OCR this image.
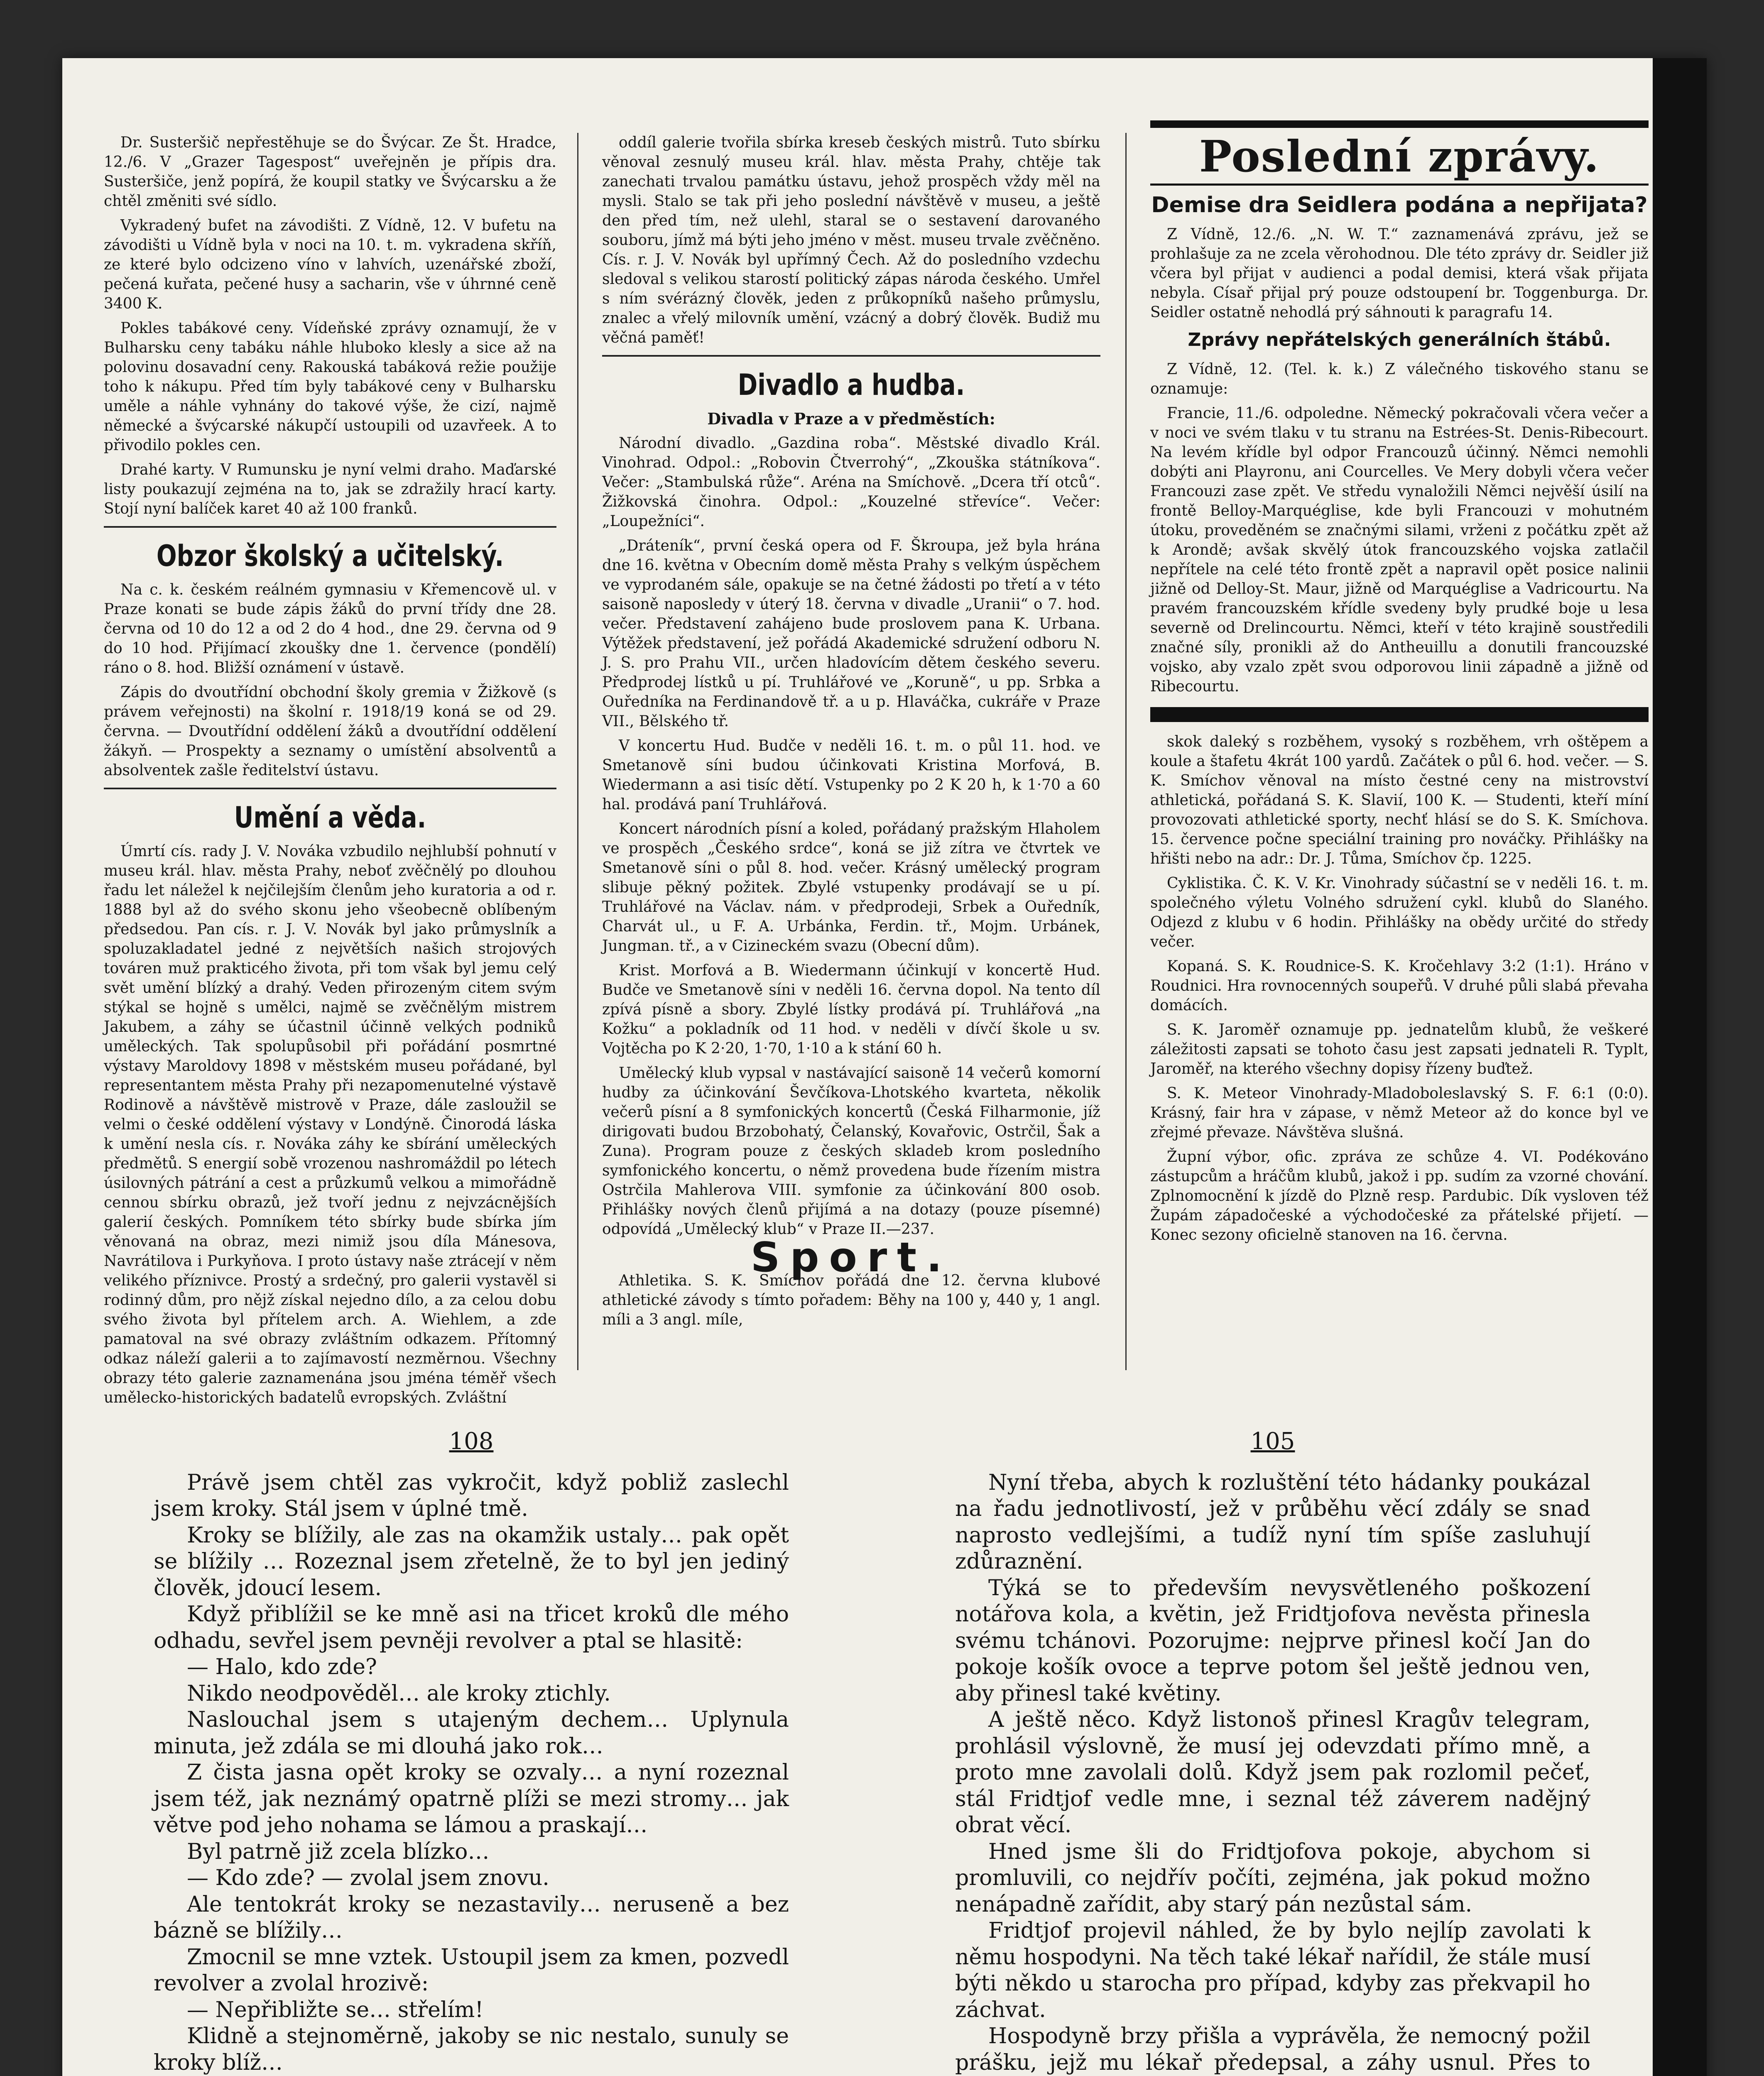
Dr. Susteršič nepřestěhuje se do Švýcar. Ze Št. Hradce, 12./6. V „Grazer Tagespost“ uveřejněn je přípis dra. Susteršiče, jenž popírá, že koupil statky ve Švýcarsku a že chtěl změniti své sídlo.

Vykradený bufet na závodišti. Z Vídně, 12. V bufetu na závodišti u Vídně byla v noci na 10. t. m. vykradena skříň, ze které bylo odcizeno víno v lahvích, uzenářské zboží, pečená kuřata, pečené husy a sacharin, vše v úhrnné ceně 3400 K.

Pokles tabákové ceny. Vídeňské zprávy oznamují, že v Bulharsku ceny tabáku náhle hluboko klesly a sice až na polovinu dosavadní ceny. Rakouská tabáková režie použije toho k nákupu. Před tím byly tabákové ceny v Bulharsku uměle a náhle vyhnány do takové výše, že cizí, najmě německé a švýcarské nákupčí ustoupili od uzavřeek. A to přivodilo pokles cen.

Drahé karty. V Rumunsku je nyní velmi draho. Maďarské listy poukazují zejména na to, jak se zdražily hrací karty. Stojí nyní balíček karet 40 až 100 franků.

Obzor školský a učitelský.

Na c. k. českém reálném gymnasiu v Křemencově ul. v Praze konati se bude zápis žáků do první třídy dne 28. června od 10 do 12 a od 2 do 4 hod., dne 29. června od 9 do 10 hod. Přijímací zkoušky dne 1. července (pondělí) ráno o 8. hod. Bližší oznámení v ústavě.

Zápis do dvoutřídní obchodní školy gremia v Žižkově (s právem veřejnosti) na školní r. 1918/19 koná se od 29. června. — Dvoutřídní oddělení žáků a dvoutřídní oddělení žákyň. — Prospekty a seznamy o umístění absolventů a absolventek zašle ředitelství ústavu.

Umění a věda.

Úmrtí cís. rady J. V. Nováka vzbudilo nejhlubší pohnutí v museu král. hlav. města Prahy, neboť zvěčnělý po dlouhou řadu let náležel k nejčilejším členům jeho kuratoria a od r. 1888 byl až do svého skonu jeho všeobecně oblíbeným předsedou. Pan cís. r. J. V. Novák byl jako průmyslník a spoluzakladatel jedné z největších našich strojových továren muž prakticého života, při tom však byl jemu celý svět umění blízký a drahý. Veden přirozeným citem svým stýkal se hojně s umělci, najmě se zvěčnělým mistrem Jakubem, a záhy se účastnil účinně velkých podniků uměleckých. Tak spolupůsobil při pořádání posmrtné výstavy Maroldovy 1898 v městském museu pořádané, byl representantem města Prahy při nezapomenutelné výstavě Rodinově a návštěvě mistrově v Praze, dále zasloužil se velmi o české oddělení výstavy v Londýně. Činorodá láska k umění nesla cís. r. Nováka záhy ke sbírání uměleckých předmětů. S energií sobě vrozenou nashromáždil po létech úsilovných pátrání a cest a průzkumů velkou a mimořádně cennou sbírku obrazů, jež tvoří jednu z nejvzácnějších galerií českých. Pomníkem této sbírky bude sbírka jím věnovaná na obraz, mezi nimiž jsou díla Mánesova, Navrátilova i Purkyňova. I proto ústavy naše ztrácejí v něm velikého příznivce. Prostý a srdečný, pro galerii vystavěl si rodinný dům, pro nějž získal nejedno dílo, a za celou dobu svého života byl přítelem arch. A. Wiehlem, a zde pamatoval na své obrazy zvláštním odkazem. Přítomný odkaz náleží galerii a to zajímavostí nezměrnou. Všechny obrazy této galerie zaznamenána jsou jména téměř všech uměleckо-historických badatelů evropských. Zvláštní

oddíl galerie tvořila sbírka kreseb českých mistrů. Tuto sbírku věnoval zesnulý museu král. hlav. města Prahy, chtěje tak zanechati trvalou památku ústavu, jehož prospěch vždy měl na mysli. Stalo se tak při jeho poslední návštěvě v museu, a ještě den před tím, než ulehl, staral se o sestavení darovaného souboru, jímž má býti jeho jméno v měst. museu trvale zvěčněno. Cís. r. J. V. Novák byl upřímný Čech. Až do posledního vzdechu sledoval s velikou starostí politický zápas národa českého. Umřel s ním svérázný člověk, jeden z průkopníků našeho průmyslu, znalec a vřelý milovník umění, vzácný a dobrý člověk. Budiž mu věčná paměť!

Divadlo a hudba.
Divadla v Praze a v předměstích:

Národní divadlo. „Gazdina roba“. Městské divadlo Král. Vinohrad. Odpol.: „Robovin Čtverrohý“, „Zkouška státníkova“. Večer: „Stambulská růže“. Aréna na Smíchově. „Dcera tří otců“. Žižkovská činohra. Odpol.: „Kouzelné střevíce“. Večer: „Loupežníci“.

„Dráteník“, první česká opera od F. Škroupa, jež byla hrána dne 16. května v Obecním domě města Prahy s velkým úspěchem ve vyprodaném sále, opakuje se na četné žádosti po třetí a v této saisoně naposledy v úterý 18. června v divadle „Uranii“ o 7. hod. večer. Představení zahájeno bude proslovem pana K. Urbana. Výtěžek představení, jež pořádá Akademické sdružení odboru N. J. S. pro Prahu VII., určen hladovícím dětem českého severu. Předprodej lístků u pí. Truhlářové ve „Koruně“, u pp. Srbka a Ouředníka na Ferdinandově tř. a u p. Hlaváčka, cukráře v Praze VII., Bělského tř.

V koncertu Hud. Budče v neděli 16. t. m. o půl 11. hod. ve Smetanově síni budou účinkovati Kristina Morfová, B. Wiedermann a asi tisíc dětí. Vstupenky po 2 K 20 h, k 1·70 a 60 hal. prodává paní Truhlářová.

Koncert národních písní a koled, pořádaný pražským Hlaholem ve prospěch „Českého srdce“, koná se již zítra ve čtvrtek ve Smetanově síni o půl 8. hod. večer. Krásný umělecký program slibuje pěkný požitek. Zbylé vstupenky prodávají se u pí. Truhlářové na Václav. nám. v předprodeji, Srbek a Ouředník, Charvát ul., u F. A. Urbánka, Ferdin. tř., Mojm. Urbánek, Jungman. tř., a v Cizineckém svazu (Obecní dům).

Krist. Morfová a B. Wiedermann účinkují v koncertě Hud. Budče ve Smetanově síni v neděli 16. června dopol. Na tento díl zpívá písně a sbory. Zbylé lístky prodává pí. Truhlářová „na Kožku“ a pokladník od 11 hod. v neděli v dívčí škole u sv. Vojtěcha po K 2·20, 1·70, 1·10 a k stání 60 h.

Umělecký klub vypsal v nastávající saisoně 14 večerů komorní hudby za účinkování Ševčíkova-Lhotského kvarteta, několik večerů písní a 8 symfonických koncertů (Česká Filharmonie, jíž dirigovati budou Brzobohatý, Čelanský, Kovařovic, Ostrčil, Šak a Zuna). Program pouze z českých skladeb krom posledního symfonického koncertu, o němž provedena bude řízením mistra Ostrčila Mahlerova VIII. symfonie za účinkování 800 osob. Přihlášky nových členů přijímá a na dotazy (pouze písemné) odpovídá „Umělecký klub“ v Praze II.—237.

Sport.

Athletika. S. K. Smíchov pořádá dne 12. června klubové athletické závody s tímto pořadem: Běhy na 100 y, 440 y, 1 angl. míli a 3 angl. míle,

Poslední zprávy.
Demise dra Seidlera podána a nepřijata?

Z Vídně, 12./6. „N. W. T.“ zaznamenává zprávu, jež se prohlašuje za ne zcela věrohodnou. Dle této zprávy dr. Seidler již včera byl přijat v audienci a podal demisi, která však přijata nebyla. Císař přijal prý pouze odstoupení br. Toggenburga. Dr. Seidler ostatně nehodlá prý sáhnouti k paragrafu 14.

Zprávy nepřátelských generálních štábů.

Z Vídně, 12. (Tel. k. k.) Z válečného tiskového stanu se oznamuje:

Francie, 11./6. odpoledne. Německý pokračovali včera večer a v noci ve svém tlaku v tu stranu na Estrées-St. Denis-Ribecourt. Na levém křídle byl odpor Francouzů účinný. Němci nemohli dobýti ani Playronu, ani Courcelles. Ve Mery dobyli včera večer Francouzi zase zpět. Ve středu vynaložili Němci nejvěší úsilí na frontě Belloy-Marquéglise, kde byli Francouzi v mohutném útoku, proveděném se značnými silami, vrženi z počátku zpět až k Arondě; avšak skvělý útok francouzského vojska zatlačil nepřítele na celé této frontě zpět a napravil opět posice nalinii jižně od Delloy-St. Maur, jižně od Marquéglise a Vadricourtu. Na pravém francouzském křídle svedeny byly prudké boje u lesa severně od Drelincourtu. Němci, kteří v této krajině soustředili značné síly, pronikli až do Antheuillu a donutili francouzské vojsko, aby vzalo zpět svou odporovou linii západně a jižně od Ribecourtu.

skok daleký s rozběhem, vysoký s rozběhem, vrh oštěpem a koule a štafetu 4krát 100 yardů. Začátek o půl 6. hod. večer. — S. K. Smíchov věnoval na místo čestné ceny na mistrovství athletická, pořádaná S. K. Slavií, 100 K. — Studenti, kteří míní provozovati athletické sporty, nechť hlásí se do S. K. Smíchova. 15. července počne speciální training pro nováčky. Přihlášky na hřišti nebo na adr.: Dr. J. Tůma, Smíchov čp. 1225.

Cyklistika. Č. K. V. Kr. Vinohrady súčastní se v neděli 16. t. m. společného výletu Volného sdružení cykl. klubů do Slaného. Odjezd z klubu v 6 hodin. Přihlášky na obědy určité do středy večer.

Kopaná. S. K. Roudnice-S. K. Kročehlavy 3:2 (1:1). Hráno v Roudnici. Hra rovnocenných soupeřů. V druhé půli slabá převaha domácích.

S. K. Jaroměř oznamuje pp. jednatelům klubů, že veškeré záležitosti zapsati se tohoto času jest zapsati jednateli R. Typlt, Jaroměř, na kterého všechny dopisy řízeny buďtež.

S. K. Meteor Vinohrady-Mladoboleslavský S. F. 6:1 (0:0). Krásný, fair hra v zápase, v němž Meteor až do konce byl ve zřejmé převaze. Návštěva slušná.

Župní výbor, ofic. zpráva ze schůze 4. VI. Podékováno zástupcům a hráčům klubů, jakož i pp. sudím za vzorné chování. Zplnomocnění k jízdě do Plzně resp. Pardubic. Dík vysloven též Župám západočeské a východočeské za přátelské přijetí. — Konec sezony oficielně stanoven na 16. června.

108

Právě jsem chtěl zas vykročit, když pobliž zaslechl jsem kroky. Stál jsem v úplné tmě.

Kroky se blížily, ale zas na okamžik ustaly… pak opět se blížily … Rozeznal jsem zřetelně, že to byl jen jediný člověk, jdoucí lesem.

Když přiblížil se ke mně asi na třicet kroků dle mého odhadu, sevřel jsem pevněji revolver a ptal se hlasitě:

— Halo, kdo zde?

Nikdo neodpověděl… ale kroky ztichly.

Naslouchal jsem s utajeným dechem… Uplynula minuta, jež zdála se mi dlouhá jako rok…

Z čista jasna opět kroky se ozvaly… a nyní rozeznal jsem též, jak neznámý opatrně plíži se mezi stromy… jak větve pod jeho nohama se lámou a praskají…

Byl patrně již zcela blízko…

— Kdo zde? — zvolal jsem znovu.

Ale tentokrát kroky se nezastavily… neruseně a bez bázně se blížily…

Zmocnil se mne vztek. Ustoupil jsem za kmen, pozvedl revolver a zvolal hrozivě:

— Nepřibližte se… střelím!

Klidně a stejnoměrně, jakoby se nic nestalo, sunuly se kroky blíž…

105

Nyní třeba, abych k rozluštění této hádanky poukázal na řadu jednotlivostí, jež v průběhu věcí zdály se snad naprosto vedlejšími, a tudíž nyní tím spíše zasluhují zdůraznění.

Týká se to především nevysvětleného poškození notářova kola, a květin, jež Fridtjofova nevěsta přinesla svému tchánovi. Pozorujme: nejprve přinesl kočí Jan do pokoje košík ovoce a teprve potom šel ještě jednou ven, aby přinesl také květiny.

A ještě něco. Když listonoš přinesl Kragův telegram, prohlásil výslovně, že musí jej odevzdati přímo mně, a proto mne zavolali dolů. Když jsem pak rozlomil pečeť, stál Fridtjof vedle mne, i seznal též záverem nadějný obrat věcí.

Hned jsme šli do Fridtjofova pokoje, abychom si promluvili, co nejdřív počíti, zejména, jak pokud možno nenápadně zařídit, aby starý pán nezůstal sám.

Fridtjof projevil náhled, že by bylo nejlíp zavolati k němu hospodyni. Na těch také lékař nařídil, že stále musí býti někdo u starocha pro případ, kdyby zas překvapil ho záchvat.

Hospodyně brzy přišla a vyprávěla, že nemocný požil prášku, jejž mu lékař předepsal, a záhy usnul. Přes to
